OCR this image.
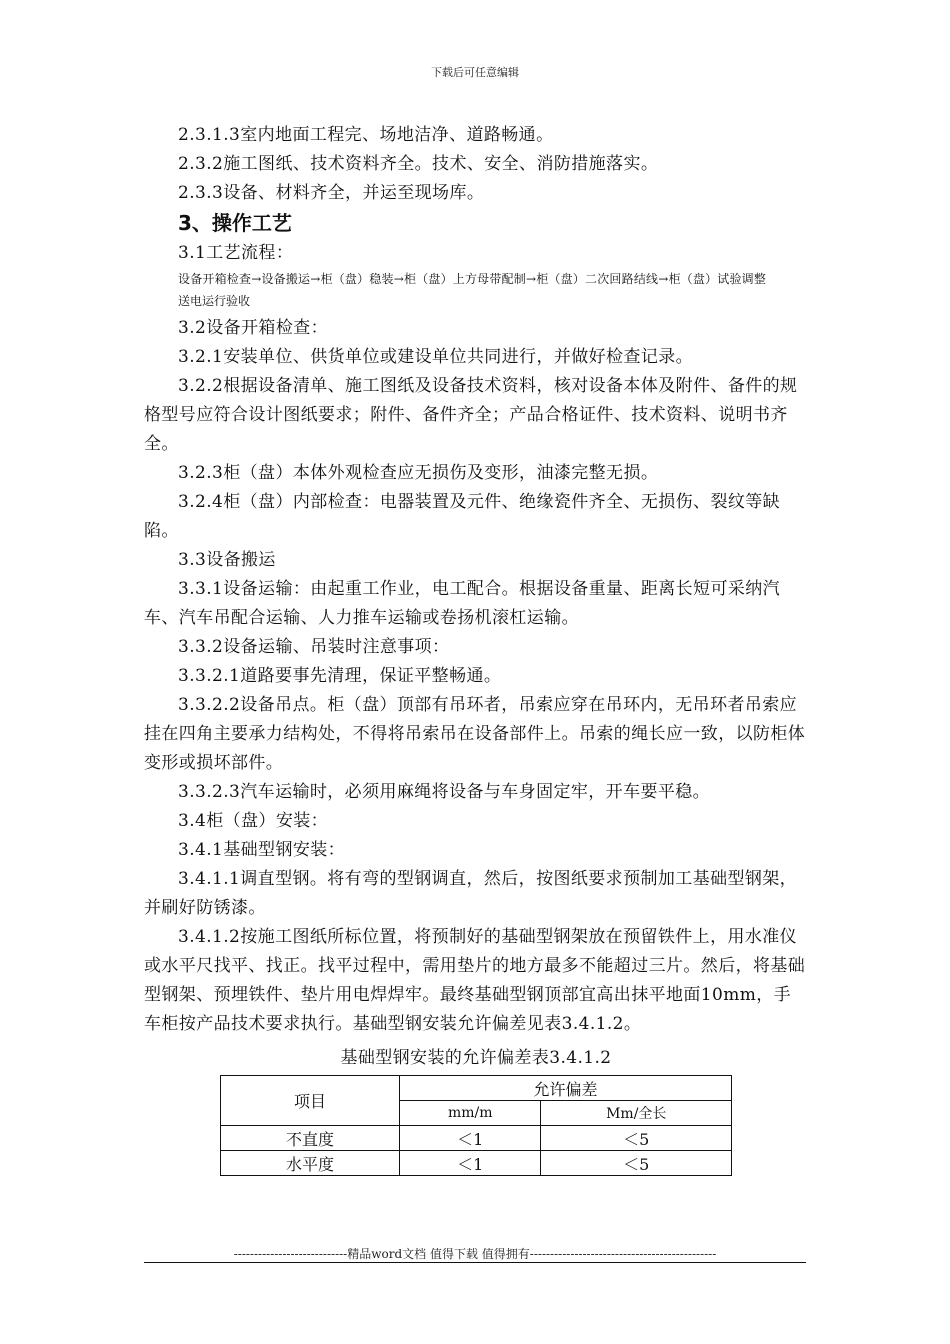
下载后可任意编辑

2.3.1.3室内地面工程完、场地洁净、道路畅通。

2.3.2施工图纸、技术资料齐全。技术、安全、消防措施落实。

2.3.3设备、材料齐全，并运至现场库。

3、操作工艺

3.1工艺流程：

设备开箱检查→设备搬运→柜（盘）稳装→柜（盘）上方母带配制→柜（盘）二次回路结线→柜（盘）试验调整

送电运行验收

3.2设备开箱检查：

3.2.1安装单位、供货单位或建设单位共同进行，并做好检查记录。

3.2.2根据设备清单、施工图纸及设备技术资料，核对设备本体及附件、备件的规格型号应符合设计图纸要求；附件、备件齐全；产品合格证件、技术资料、说明书齐全。

3.2.3柜（盘）本体外观检查应无损伤及变形，油漆完整无损。

3.2.4柜（盘）内部检查：电器装置及元件、绝缘瓷件齐全、无损伤、裂纹等缺陷。

3.3设备搬运

3.3.1设备运输：由起重工作业，电工配合。根据设备重量、距离长短可采纳汽车、汽车吊配合运输、人力推车运输或卷扬机滚杠运输。

3.3.2设备运输、吊装时注意事项：

3.3.2.1道路要事先清理，保证平整畅通。

3.3.2.2设备吊点。柜（盘）顶部有吊环者，吊索应穿在吊环内，无吊环者吊索应挂在四角主要承力结构处，不得将吊索吊在设备部件上。吊索的绳长应一致，以防柜体变形或损坏部件。

3.3.2.3汽车运输时，必须用麻绳将设备与车身固定牢，开车要平稳。

3.4柜（盘）安装：

3.4.1基础型钢安装：

3.4.1.1调直型钢。将有弯的型钢调直，然后，按图纸要求预制加工基础型钢架，并刷好防锈漆。

3.4.1.2按施工图纸所标位置，将预制好的基础型钢架放在预留铁件上，用水准仪或水平尺找平、找正。找平过程中，需用垫片的地方最多不能超过三片。然后，将基础型钢架、预埋铁件、垫片用电焊焊牢。最终基础型钢顶部宜高出抹平地面10mm，手车柜按产品技术要求执行。基础型钢安装允许偏差见表3.4.1.2。

基础型钢安装的允许偏差表3.4.1.2

项目	允许偏差	
	mm/m	Mm/全长
不直度	＜1	＜5
水平度	＜1	＜5
----------------------------精品word文档 值得下载 值得拥有----------------------------------------------
